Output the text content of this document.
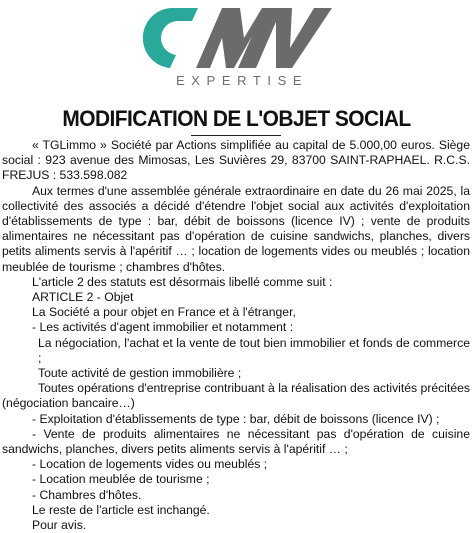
EXPERTISE
MODIFICATION DE L'OBJET SOCIAL

« TGLimmo » Société par Actions simplifiée au capital de 5.000,00 euros. Siège social : 923 avenue des Mimosas, Les Suvières 29, 83700 SAINT-RAPHAEL. R.C.S. FREJUS : 533.598.082

Aux termes d'une assemblée générale extraordinaire en date du 26 mai 2025, la collectivité des associés a décidé d'étendre l'objet social aux activités d'exploitation d'établissements de type : bar, débit de boissons (licence IV) ; vente de produits alimentaires ne nécessitant pas d'opération de cuisine sandwichs, planches, divers petits aliments servis à l'apéritif … ; location de logements vides ou meublés ; location meublée de tourisme ; chambres d'hôtes.

L'article 2 des statuts est désormais libellé comme suit :

ARTICLE 2 - Objet

La Société a pour objet en France et à l'étranger,

- Les activités d'agent immobilier et notamment :

La négociation, l'achat et la vente de tout bien immobilier et fonds de commerce ;

Toute activité de gestion immobilière ;

Toutes opérations d'entreprise contribuant à la réalisation des activités précitées (négociation bancaire…)

- Exploitation d'établissements de type : bar, débit de boissons (licence IV) ;

- Vente de produits alimentaires ne nécessitant pas d'opération de cuisine sandwichs, planches, divers petits aliments servis à l'apéritif … ;

- Location de logements vides ou meublés ;

- Location meublée de tourisme ;

- Chambres d'hôtes.

Le reste de l'article est inchangé.

Pour avis.
